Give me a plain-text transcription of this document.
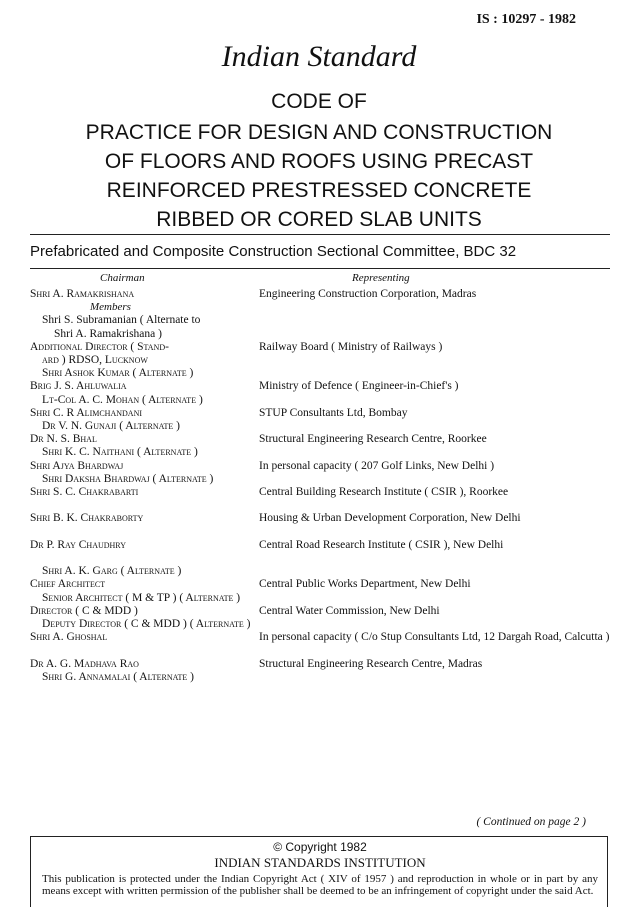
IS : 10297 - 1982
Indian Standard
CODE OF
PRACTICE FOR DESIGN AND CONSTRUCTION
OF FLOORS AND ROOFS USING PRECAST
REINFORCED PRESTRESSED CONCRETE
RIBBED OR CORED SLAB UNITS
Prefabricated and Composite Construction Sectional Committee, BDC 32
Chairman	Representing
Shri A. Ramakrishana	Engineering Construction Corporation, Madras
Members
Shri S. Subramanian ( Alternate to
Shri A. Ramakrishana )
Additional Director ( Stand-	Railway Board ( Ministry of Railways )
ard ) RDSO, Lucknow
Shri Ashok Kumar ( Alternate )
Brig J. S. Ahluwalia	Ministry of Defence ( Engineer-in-Chief's )
Lt-Col A. C. Mohan ( Alternate )
Shri C. R Alimchandani	STUP Consultants Ltd, Bombay
Dr V. N. Gunaji ( Alternate )
Dr N. S. Bhal	Structural Engineering Research Centre, Roorkee
Shri K. C. Naithani ( Alternate )
Shri Ajya Bhardwaj	In personal capacity ( 207 Golf Links, New Delhi )
Shri Daksha Bhardwaj ( Alternate )
Shri S. C. Chakrabarti	Central Building Research Institute ( CSIR ), Roorkee
Shri B. K. Chakraborty	Housing & Urban Development Corporation, New Delhi
Dr P. Ray Chaudhry	Central Road Research Institute ( CSIR ), New Delhi
Shri A. K. Garg ( Alternate )
Chief Architect	Central Public Works Department, New Delhi
Senior Architect ( M & TP ) ( Alternate )
Director ( C & MDD )	Central Water Commission, New Delhi
Deputy Director ( C & MDD ) ( Alternate )
Shri A. Ghoshal	In personal capacity ( C/o Stup Consultants Ltd, 12 Dargah Road, Calcutta )
Dr A. G. Madhava Rao	Structural Engineering Research Centre, Madras
Shri G. Annamalai ( Alternate )
( Continued on page 2 )
© Copyright 1982
INDIAN STANDARDS INSTITUTION
This publication is protected under the Indian Copyright Act ( XIV of 1957 ) and reproduction in whole or in part by any means except with written permission of the publisher shall be deemed to be an infringement of copyright under the said Act.
